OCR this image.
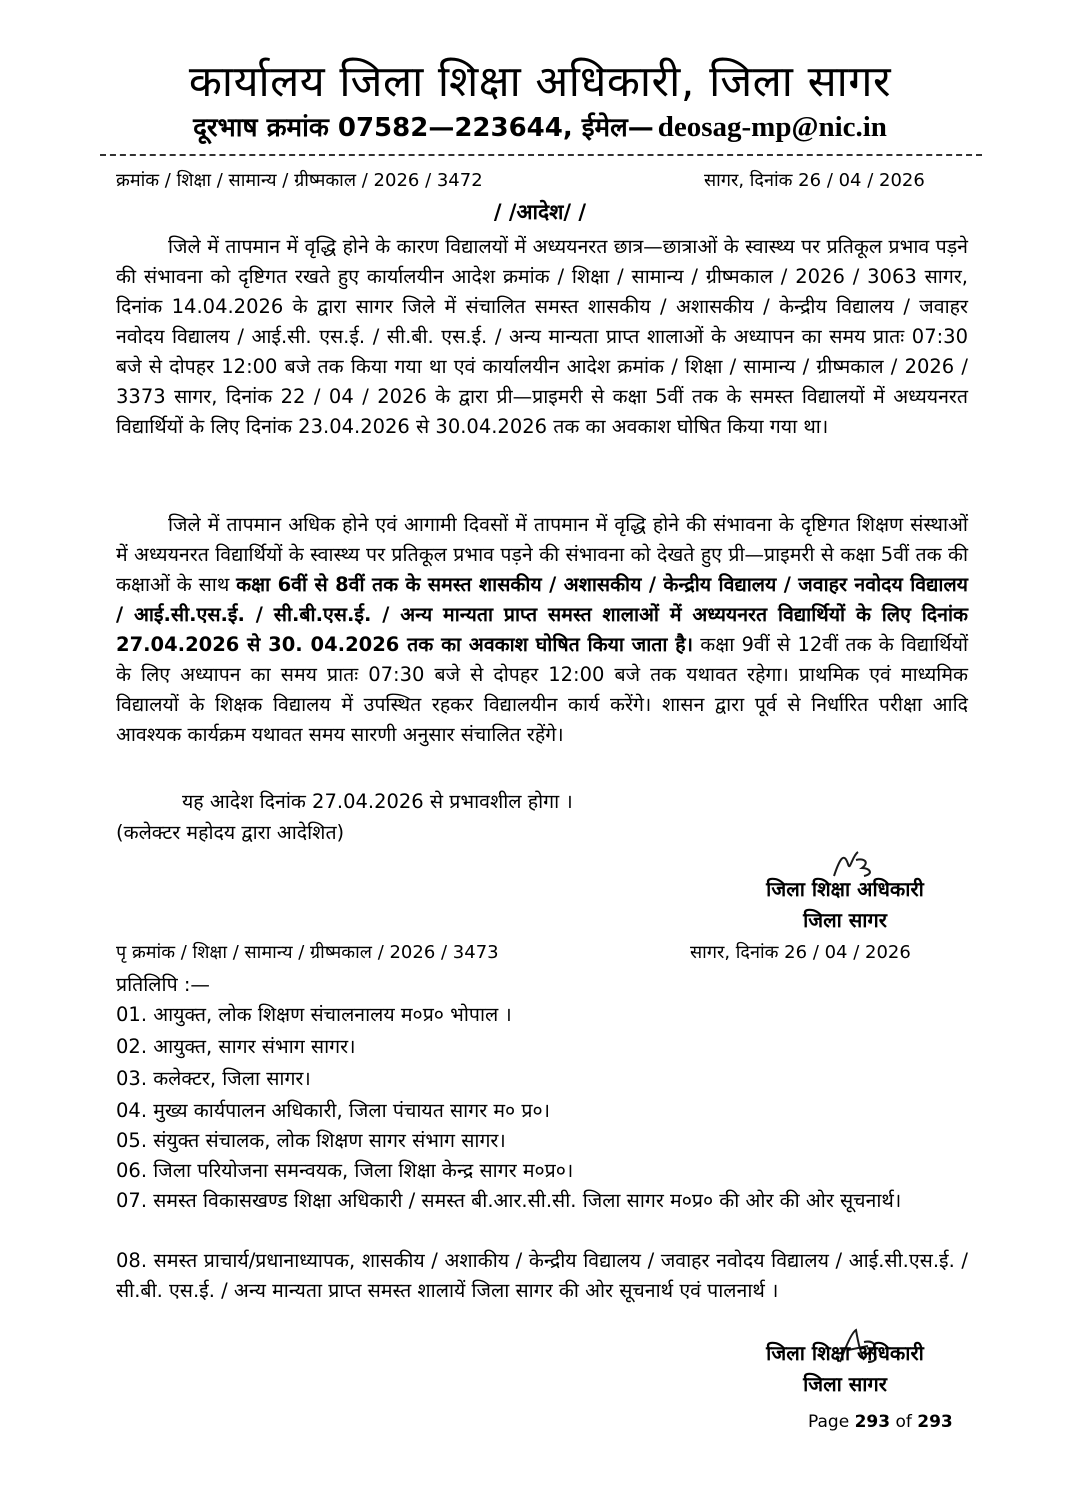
कार्यालय जिला शिक्षा अधिकारी, जिला सागर
दूरभाष क्रमांक 07582—223644, ईमेल— deosag-mp@nic.in
क्रमांक / शिक्षा / सामान्य / ग्रीष्मकाल / 2026 / 3472	सागर, दिनांक 26 / 04 / 2026
/ /आदेश/ /
जिले में तापमान में वृद्धि होने के कारण विद्यालयों में अध्ययनरत छात्र—छात्राओं के स्वास्थ्य पर प्रतिकूल प्रभाव पड़ने की संभावना को दृष्टिगत रखते हुए कार्यालयीन आदेश क्रमांक / शिक्षा / सामान्य / ग्रीष्मकाल / 2026 / 3063 सागर, दिनांक 14.04.2026 के द्वारा सागर जिले में संचालित समस्त शासकीय / अशासकीय / केन्द्रीय विद्यालय / जवाहर नवोदय विद्यालय / आई.सी. एस.ई. / सी.बी. एस.ई. / अन्य मान्यता प्राप्त शालाओं के अध्यापन का समय प्रातः 07:30 बजे से दोपहर 12:00 बजे तक किया गया था एवं कार्यालयीन आदेश क्रमांक / शिक्षा / सामान्य / ग्रीष्मकाल / 2026 / 3373 सागर, दिनांक 22 / 04 / 2026 के द्वारा प्री—प्राइमरी से कक्षा 5वीं तक के समस्त विद्यालयों में अध्ययनरत विद्यार्थियों के लिए दिनांक 23.04.2026 से 30.04.2026 तक का अवकाश घोषित किया गया था।
जिले में तापमान अधिक होने एवं आगामी दिवसों में तापमान में वृद्धि होने की संभावना के दृष्टिगत शिक्षण संस्थाओं में अध्ययनरत विद्यार्थियों के स्वास्थ्य पर प्रतिकूल प्रभाव पड़ने की संभावना को देखते हुए प्री—प्राइमरी से कक्षा 5वीं तक की कक्षाओं के साथ कक्षा 6वीं से 8वीं तक के समस्त शासकीय / अशासकीय / केन्द्रीय विद्यालय / जवाहर नवोदय विद्यालय / आई.सी.एस.ई. / सी.बी.एस.ई. / अन्य मान्यता प्राप्त समस्त शालाओं में अध्ययनरत विद्यार्थियों के लिए दिनांक 27.04.2026 से 30. 04.2026 तक का अवकाश घोषित किया जाता है। कक्षा 9वीं से 12वीं तक के विद्यार्थियों के लिए अध्यापन का समय प्रातः 07:30 बजे से दोपहर 12:00 बजे तक यथावत रहेगा। प्राथमिक एवं माध्यमिक विद्यालयों के शिक्षक विद्यालय में उपस्थित रहकर विद्यालयीन कार्य करेंगे। शासन द्वारा पूर्व से निर्धारित परीक्षा आदि आवश्यक कार्यक्रम यथावत समय सारणी अनुसार संचालित रहेंगे।
यह आदेश दिनांक 27.04.2026 से प्रभावशील होगा ।
(कलेक्टर महोदय द्वारा आदेशित)
जिला शिक्षा अधिकारी
जिला सागर
पृ क्रमांक / शिक्षा / सामान्य / ग्रीष्मकाल / 2026 / 3473	सागर, दिनांक 26 / 04 / 2026
प्रतिलिपि :—
01. आयुक्त, लोक शिक्षण संचालनालय म०प्र० भोपाल ।
02. आयुक्त, सागर संभाग सागर।
03. कलेक्टर, जिला सागर।
04. मुख्य कार्यपालन अधिकारी, जिला पंचायत सागर म० प्र०।
05. संयुक्त संचालक, लोक शिक्षण सागर संभाग सागर।
06. जिला परियोजना समन्वयक, जिला शिक्षा केन्द्र सागर म०प्र०।
07. समस्त विकासखण्ड शिक्षा अधिकारी / समस्त बी.आर.सी.सी. जिला सागर म०प्र० की ओर की ओर सूचनार्थ।
08. समस्त प्राचार्य/प्रधानाध्यापक, शासकीय / अशाकीय / केन्द्रीय विद्यालय / जवाहर नवोदय विद्यालय / आई.सी.एस.ई. / सी.बी. एस.ई. / अन्य मान्यता प्राप्त समस्त शालायें जिला सागर की ओर सूचनार्थ एवं पालनार्थ ।
जिला शिक्षा अधिकारी
जिला सागर
Page 293 of 293
